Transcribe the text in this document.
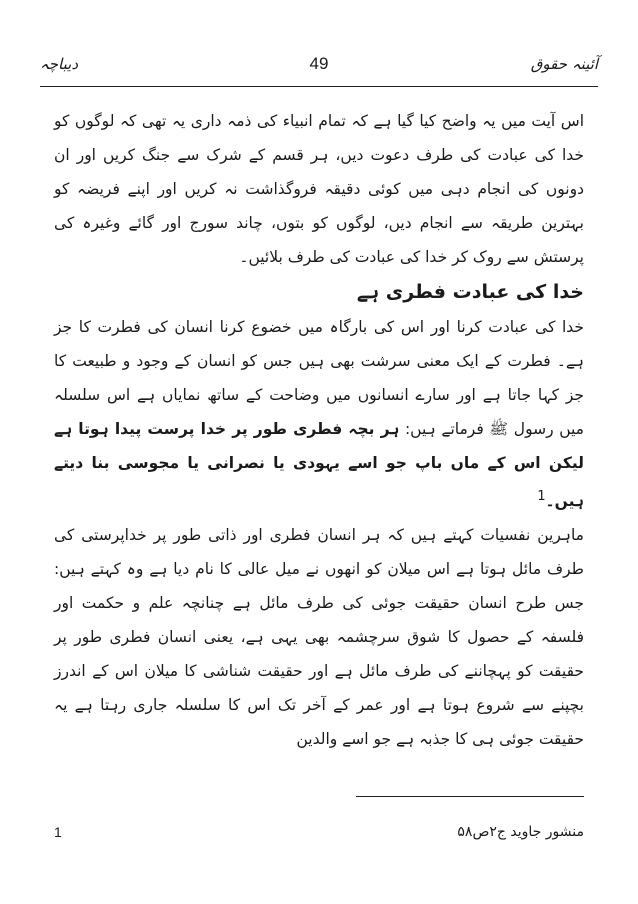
آئینہ حقوق
49
دیباچہ

اس آیت میں یہ واضح کیا گیا ہے کہ تمام انبیاء کی ذمہ داری یہ تھی کہ لوگوں کو خدا کی عبادت کی طرف دعوت دیں، ہر قسم کے شرک سے جنگ کریں اور ان دونوں کی انجام دہی میں کوئی دقیقہ فروگذاشت نہ کریں اور اپنے فریضہ کو بہترین طریقہ سے انجام دیں، لوگوں کو بتوں، چاند سورج اور گائے وغیرہ کی پرستش سے روک کر خدا کی عبادت کی طرف بلائیں۔

خدا کی عبادت فطری ہے

خدا کی عبادت کرنا اور اس کی بارگاہ میں خضوع کرنا انسان کی فطرت کا جز ہے۔ فطرت کے ایک معنی سرشت بھی ہیں جس کو انسان کے وجود و طبیعت کا جز کہا جاتا ہے اور سارے انسانوں میں وضاحت کے ساتھ نمایاں ہے اس سلسلہ میں رسول ﷺ فرماتے ہیں: ہر بچہ فطری طور پر خدا پرست پیدا ہوتا ہے لیکن اس کے ماں باپ جو اسے یہودی یا نصرانی یا مجوسی بنا دیتے ہیں۔$^1$

ماہرین نفسیات کہتے ہیں کہ ہر انسان فطری اور ذاتی طور پر خداپرستی کی طرف مائل ہوتا ہے اس میلان کو انھوں نے میل عالی کا نام دیا ہے وہ کہتے ہیں: جس طرح انسان حقیقت جوئی کی طرف مائل ہے چنانچہ علم و حکمت اور فلسفہ کے حصول کا شوق سرچشمہ بھی یہی ہے، یعنی انسان فطری طور پر حقیقت کو پہچاننے کی طرف مائل ہے اور حقیقت شناشی کا میلان اس کے اندرز بچپنے سے شروع ہوتا ہے اور عمر کے آخر تک اس کا سلسلہ جاری رہتا ہے یہ حقیقت جوئی ہی کا جذبہ ہے جو اسے والدین

منشور جاوید ج۲ص۵۸
1
